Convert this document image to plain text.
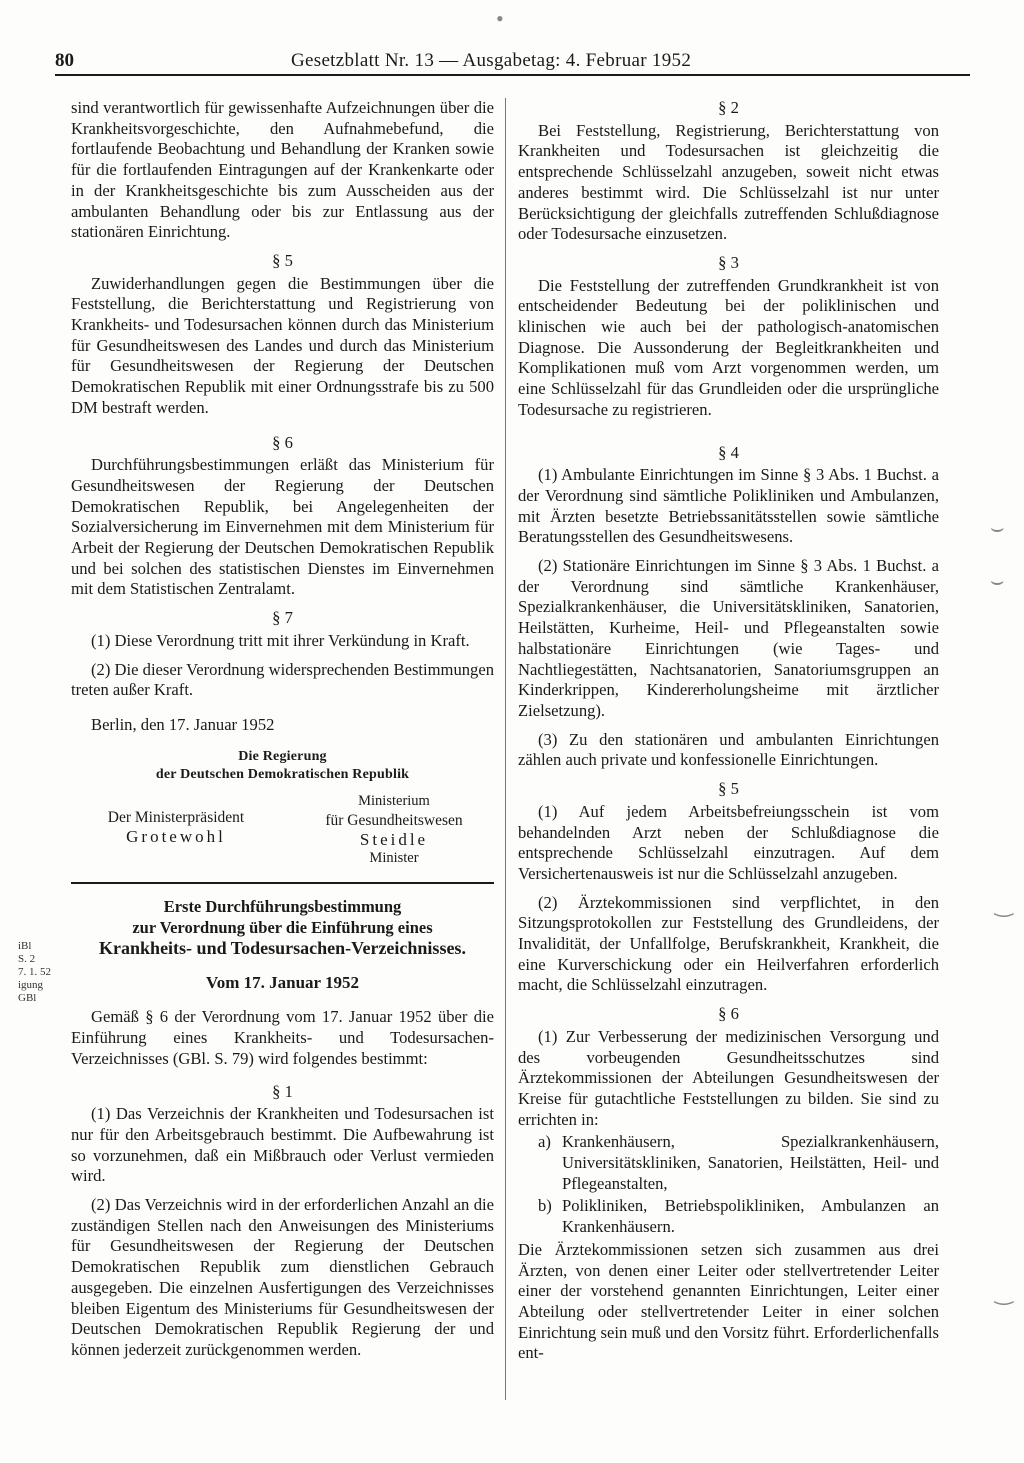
80	Gesetzblatt Nr. 13 — Ausgabetag: 4. Februar 1952
•
iBl
S. 2
7. 1. 52
igung
GBl

sind verantwortlich für gewissenhafte Aufzeichnungen über die Krankheitsvorgeschichte, den Aufnahmebefund, die fortlaufende Beobachtung und Behandlung der Kranken sowie für die fortlaufenden Eintragungen auf der Krankenkarte oder in der Krankheitsgeschichte bis zum Ausscheiden aus der ambulanten Behandlung oder bis zur Entlassung aus der stationären Einrichtung.

§ 5

Zuwiderhandlungen gegen die Bestimmungen über die Feststellung, die Berichterstattung und Registrierung von Krankheits- und Todesursachen können durch das Ministerium für Gesundheitswesen des Landes und durch das Ministerium für Gesundheitswesen der Regierung der Deutschen Demokratischen Republik mit einer Ordnungsstrafe bis zu 500 DM bestraft werden.

§ 6

Durchführungsbestimmungen erläßt das Ministerium für Gesundheitswesen der Regierung der Deutschen Demokratischen Republik, bei Angelegenheiten der Sozialversicherung im Einvernehmen mit dem Ministerium für Arbeit der Regierung der Deutschen Demokratischen Republik und bei solchen des statistischen Dienstes im Einvernehmen mit dem Statistischen Zentralamt.

§ 7

(1) Diese Verordnung tritt mit ihrer Verkündung in Kraft.

(2) Die dieser Verordnung widersprechenden Bestimmungen treten außer Kraft.

Berlin, den 17. Januar 1952

Die Regierung
der Deutschen Demokratischen Republik
Der Ministerpräsident
Grotewohl
Ministerium
für Gesundheitswesen
Steidle
Minister
Erste Durchführungsbestimmung
zur Verordnung über die Einführung eines
Krankheits- und Todesursachen-Verzeichnisses.
Vom 17. Januar 1952

Gemäß § 6 der Verordnung vom 17. Januar 1952 über die Einführung eines Krankheits- und Todesursachen-Verzeichnisses (GBl. S. 79) wird folgendes bestimmt:

§ 1

(1) Das Verzeichnis der Krankheiten und Todesursachen ist nur für den Arbeitsgebrauch bestimmt. Die Aufbewahrung ist so vorzunehmen, daß ein Mißbrauch oder Verlust vermieden wird.

(2) Das Verzeichnis wird in der erforderlichen Anzahl an die zuständigen Stellen nach den Anweisungen des Ministeriums für Gesundheitswesen der Regierung der Deutschen Demokratischen Republik zum dienstlichen Gebrauch ausgegeben. Die einzelnen Ausfertigungen des Verzeichnisses bleiben Eigentum des Ministeriums für Gesundheitswesen der Deutschen Demokratischen Republik Regierung der und können jederzeit zurückgenommen werden.

§ 2

Bei Feststellung, Registrierung, Berichterstattung von Krankheiten und Todesursachen ist gleichzeitig die entsprechende Schlüsselzahl anzugeben, soweit nicht etwas anderes bestimmt wird. Die Schlüsselzahl ist nur unter Berücksichtigung der gleichfalls zutreffenden Schlußdiagnose oder Todesursache einzusetzen.

§ 3

Die Feststellung der zutreffenden Grundkrankheit ist von entscheidender Bedeutung bei der poliklinischen und klinischen wie auch bei der pathologisch-anatomischen Diagnose. Die Aussonderung der Begleitkrankheiten und Komplikationen muß vom Arzt vorgenommen werden, um eine Schlüsselzahl für das Grundleiden oder die ursprüngliche Todesursache zu registrieren.

§ 4

(1) Ambulante Einrichtungen im Sinne § 3 Abs. 1 Buchst. a der Verordnung sind sämtliche Polikliniken und Ambulanzen, mit Ärzten besetzte Betriebssanitätsstellen sowie sämtliche Beratungsstellen des Gesundheitswesens.

(2) Stationäre Einrichtungen im Sinne § 3 Abs. 1 Buchst. a der Verordnung sind sämtliche Krankenhäuser, Spezialkrankenhäuser, die Universitätskliniken, Sanatorien, Heilstätten, Kurheime, Heil- und Pflegeanstalten sowie halbstationäre Einrichtungen (wie Tages- und Nachtliegestätten, Nachtsanatorien, Sanatoriumsgruppen an Kinderkrippen, Kindererholungsheime mit ärztlicher Zielsetzung).

(3) Zu den stationären und ambulanten Einrichtungen zählen auch private und konfessionelle Einrichtungen.

§ 5

(1) Auf jedem Arbeitsbefreiungsschein ist vom behandelnden Arzt neben der Schlußdiagnose die entsprechende Schlüsselzahl einzutragen. Auf dem Versichertenausweis ist nur die Schlüsselzahl anzugeben.

(2) Ärztekommissionen sind verpflichtet, in den Sitzungsprotokollen zur Feststellung des Grundleidens, der Invalidität, der Unfallfolge, Berufskrankheit, Krankheit, die eine Kurverschickung oder ein Heilverfahren erforderlich macht, die Schlüsselzahl einzutragen.

§ 6

(1) Zur Verbesserung der medizinischen Versorgung und des vorbeugenden Gesundheitsschutzes sind Ärztekommissionen der Abteilungen Gesundheitswesen der Kreise für gutachtliche Feststellungen zu bilden. Sie sind zu errichten in:

a) Krankenhäusern, Spezialkrankenhäusern, Universitätskliniken, Sanatorien, Heilstätten, Heil- und Pflegeanstalten,
b) Polikliniken, Betriebspolikliniken, Ambulanzen an Krankenhäusern.

Die Ärztekommissionen setzen sich zusammen aus drei Ärzten, von denen einer Leiter oder stellvertretender Leiter einer der vorstehend genannten Einrichtungen, Leiter einer Abteilung oder stellvertretender Leiter in einer solchen Einrichtung sein muß und den Vorsitz führt. Erforderlichenfalls ent-

⌣
⌣
‿
‿
